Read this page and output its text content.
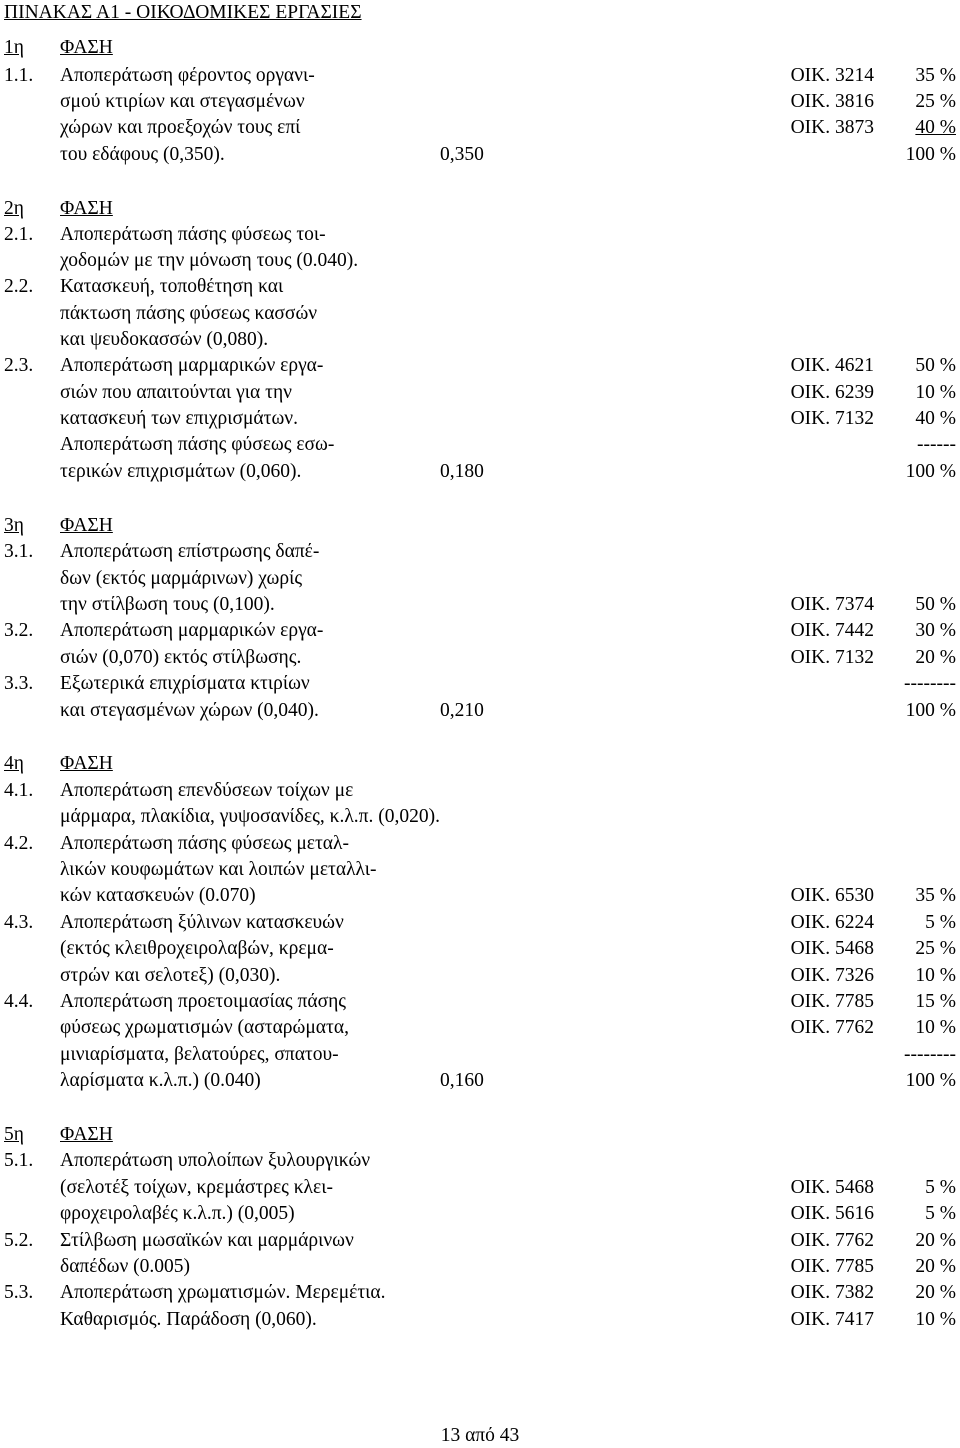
ΠΙΝΑΚΑΣ Α1 - ΟΙΚΟΔΟΜΙΚΕΣ ΕΡΓΑΣΙΕΣ
1η ΦΑΣΗ
1.1. Αποπεράτωση φέροντος οργανι-	ΟΙΚ. 3214 35 %
σμού κτιρίων και στεγασμένων	ΟΙΚ. 3816 25 %
χώρων και προεξοχών τους επί	ΟΙΚ. 3873 40 %
του εδάφους (0,350).	0,350	100 %
2η ΦΑΣΗ
2.1. Αποπεράτωση πάσης φύσεως τοι-
χοδομών με την μόνωση τους (0.040).
2.2. Κατασκευή, τοποθέτηση και
πάκτωση πάσης φύσεως κασσών
και ψευδοκασσών (0,080).
2.3. Αποπεράτωση μαρμαρικών εργα-	ΟΙΚ. 4621 50 %
σιών που απαιτούνται για την	ΟΙΚ. 6239 10 %
κατασκευή των επιχρισμάτων.	ΟΙΚ. 7132 40 %
Αποπεράτωση πάσης φύσεως εσω-	------
τερικών επιχρισμάτων (0,060).	0,180	100 %
3η ΦΑΣΗ
3.1. Αποπεράτωση επίστρωσης δαπέ-
δων (εκτός μαρμάρινων) χωρίς
την στίλβωση τους (0,100).	ΟΙΚ. 7374 50 %
3.2. Αποπεράτωση μαρμαρικών εργα-	ΟΙΚ. 7442 30 %
σιών (0,070) εκτός στίλβωσης.	ΟΙΚ. 7132 20 %
3.3. Εξωτερικά επιχρίσματα κτιρίων	--------
και στεγασμένων χώρων (0,040).	0,210	100 %
4η ΦΑΣΗ
4.1. Αποπεράτωση επενδύσεων τοίχων με
μάρμαρα, πλακίδια, γυψοσανίδες, κ.λ.π. (0,020).
4.2. Αποπεράτωση πάσης φύσεως μεταλ-
λικών κουφωμάτων και λοιπών μεταλλι-
κών κατασκευών (0.070)	ΟΙΚ. 6530 35 %
4.3. Αποπεράτωση ξύλινων κατασκευών	ΟΙΚ. 6224	5 %
(εκτός κλειθροχειρολαβών, κρεμα-	ΟΙΚ. 5468 25 %
στρών και σελοτεξ) (0,030).	ΟΙΚ. 7326 10 %
4.4. Αποπεράτωση προετοιμασίας πάσης	ΟΙΚ. 7785 15 %
φύσεως χρωματισμών (ασταρώματα,	ΟΙΚ. 7762 10 %
μινιαρίσματα, βελατούρες, σπατου-	--------
λαρίσματα κ.λ.π.) (0.040)	0,160	100 %
5η ΦΑΣΗ
5.1. Αποπεράτωση υπολοίπων ξυλουργικών
(σελοτέξ τοίχων, κρεμάστρες κλει-	ΟΙΚ. 5468	5 %
φροχειρολαβές κ.λ.π.) (0,005)	ΟΙΚ. 5616	5 %
5.2. Στίλβωση μωσαϊκών και μαρμάρινων	ΟΙΚ. 7762 20 %
δαπέδων (0.005)	ΟΙΚ. 7785 20 %
5.3. Αποπεράτωση χρωματισμών. Μερεμέτια.	ΟΙΚ. 7382 20 %
Καθαρισμός. Παράδοση (0,060).	ΟΙΚ. 7417 10 %
13 από 43
